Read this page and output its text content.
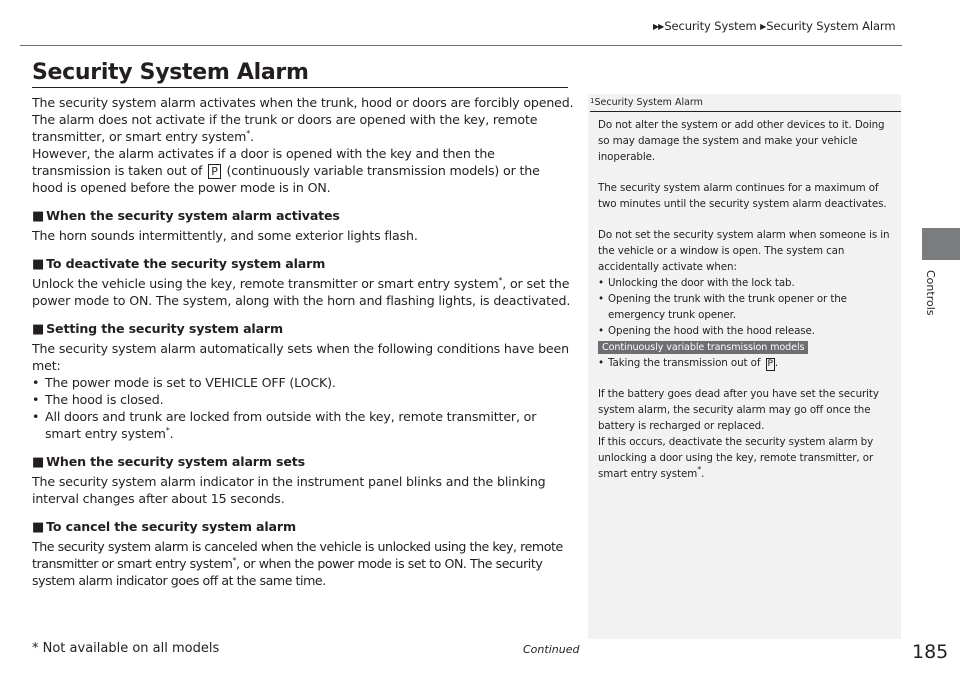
▶▶Security System ▶Security System Alarm
Controls
Security System Alarm

The security system alarm activates when the trunk, hood or doors are forcibly opened. The alarm does not activate if the trunk or doors are opened with the key, remote transmitter, or smart entry system*.

However, the alarm activates if a door is opened with the key and then the transmission is taken out of P (continuously variable transmission models) or the hood is opened before the power mode is in ON.

■ When the security system alarm activates

The horn sounds intermittently, and some exterior lights flash.

■ To deactivate the security system alarm

Unlock the vehicle using the key, remote transmitter or smart entry system*, or set the power mode to ON. The system, along with the horn and flashing lights, is deactivated.

■ Setting the security system alarm

The security system alarm automatically sets when the following conditions have been met:

• The power mode is set to VEHICLE OFF (LOCK).
• The hood is closed.
• All doors and trunk are locked from outside with the key, remote transmitter, or smart entry system*.
■ When the security system alarm sets

The security system alarm indicator in the instrument panel blinks and the blinking interval changes after about 15 seconds.

■ To cancel the security system alarm

The security system alarm is canceled when the vehicle is unlocked using the key, remote transmitter or smart entry system*, or when the power mode is set to ON. The security system alarm indicator goes off at the same time.

$^1$Security System Alarm

Do not alter the system or add other devices to it. Doing so may damage the system and make your vehicle inoperable.

The security system alarm continues for a maximum of two minutes until the security system alarm deactivates.

Do not set the security system alarm when someone is in the vehicle or a window is open. The system can accidentally activate when:

• Unlocking the door with the lock tab.
• Opening the trunk with the trunk opener or the emergency trunk opener.
• Opening the hood with the hood release.
Continuously variable transmission models
• Taking the transmission out of P .

If the battery goes dead after you have set the security system alarm, the security alarm may go off once the battery is recharged or replaced.

If this occurs, deactivate the security system alarm by unlocking a door using the key, remote transmitter, or smart entry system*.

* Not available on all models	Continued	185
